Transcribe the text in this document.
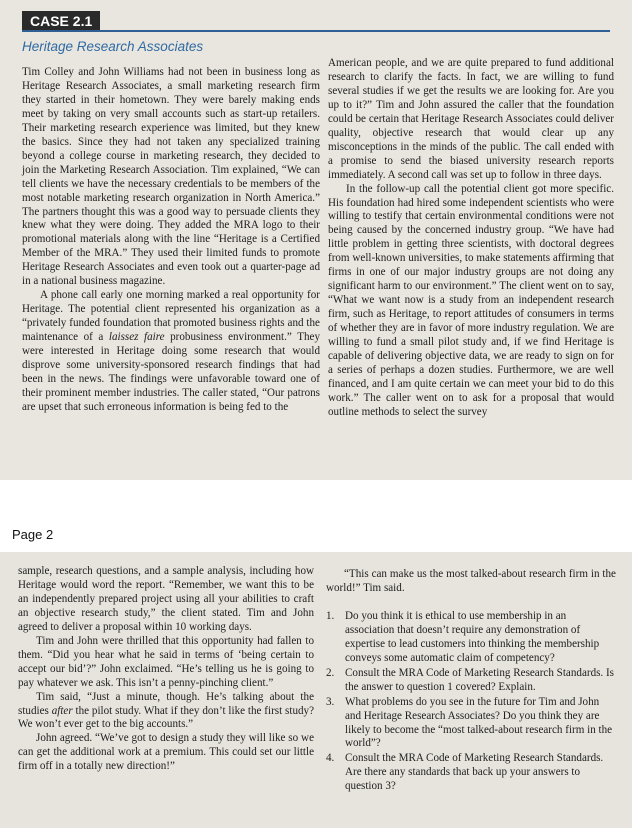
CASE 2.1
Heritage Research Associates

Tim Colley and John Williams had not been in business long as Heritage Research Associates, a small marketing research firm they started in their hometown. They were barely making ends meet by taking on very small accounts such as start-up retailers. Their marketing research experience was limited, but they knew the basics. Since they had not taken any specialized training beyond a college course in marketing research, they decided to join the Marketing Research Association. Tim explained, “We can tell clients we have the necessary credentials to be members of the most notable marketing research organization in North America.” The partners thought this was a good way to persuade clients they knew what they were doing. They added the MRA logo to their promotional materials along with the line “Heritage is a Certified Member of the MRA.” They used their limited funds to promote Heritage Research Associates and even took out a quarter-page ad in a national business magazine.

A phone call early one morning marked a real opportunity for Heritage. The potential client represented his organization as a “privately funded foundation that promoted business rights and the maintenance of a laissez faire probusiness environment.” They were interested in Heritage doing some research that would disprove some university-sponsored research findings that had been in the news. The findings were unfavorable toward one of their prominent member industries. The caller stated, “Our patrons are upset that such erroneous information is being fed to the

American people, and we are quite prepared to fund additional research to clarify the facts. In fact, we are willing to fund several studies if we get the results we are looking for. Are you up to it?” Tim and John assured the caller that the foundation could be certain that Heritage Research Associates could deliver quality, objective research that would clear up any misconceptions in the minds of the public. The call ended with a promise to send the biased university research reports immediately. A second call was set up to follow in three days.

In the follow-up call the potential client got more specific. His foundation had hired some independent scientists who were willing to testify that certain environmental conditions were not being caused by the concerned industry group. “We have had little problem in getting three scientists, with doctoral degrees from well-known universities, to make statements affirming that firms in one of our major industry groups are not doing any significant harm to our environment.” The client went on to say, “What we want now is a study from an independent research firm, such as Heritage, to report attitudes of consumers in terms of whether they are in favor of more industry regulation. We are willing to fund a small pilot study and, if we find Heritage is capable of delivering objective data, we are ready to sign on for a series of perhaps a dozen studies. Furthermore, we are well financed, and I am quite certain we can meet your bid to do this work.” The caller went on to ask for a proposal that would outline methods to select the survey

Page 2

sample, research questions, and a sample analysis, including how Heritage would word the report. “Remember, we want this to be an independently prepared project using all your abilities to craft an objective research study,” the client stated. Tim and John agreed to deliver a proposal within 10 working days.

Tim and John were thrilled that this opportunity had fallen to them. “Did you hear what he said in terms of ‘being certain to accept our bid’?” John exclaimed. “He’s telling us he is going to pay whatever we ask. This isn’t a penny-pinching client.”

Tim said, “Just a minute, though. He’s talking about the studies after the pilot study. What if they don’t like the first study? We won’t ever get to the big accounts.”

John agreed. “We’ve got to design a study they will like so we can get the additional work at a premium. This could set our little firm off in a totally new direction!”

“This can make us the most talked-about research firm in the world!” Tim said.

1. Do you think it is ethical to use membership in an association that doesn’t require any demonstration of expertise to lead customers into thinking the membership conveys some automatic claim of competency?
2. Consult the MRA Code of Marketing Research Standards. Is the answer to question 1 covered? Explain.
3. What problems do you see in the future for Tim and John and Heritage Research Associates? Do you think they are likely to become the “most talked-about research firm in the world”?
4. Consult the MRA Code of Marketing Research Standards. Are there any standards that back up your answers to question 3?
